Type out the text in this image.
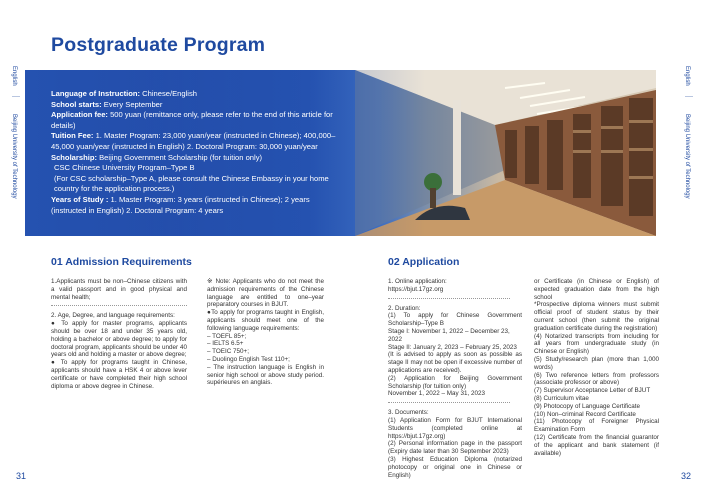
Postgraduate Program
English
Beijing University of Technology
English
Beijing University of Technology
Language of Instruction: Chinese/English
School starts: Every September
Application fee: 500 yuan (remittance only, please refer to the end of this article for details)
Tuition Fee: 1. Master Program: 23,000 yuan/year (instructed in Chinese); 400,000–45,000 yuan/year (instructed in English) 2. Doctoral Program: 30,000 yuan/year
Scholarship: Beijing Government Scholarship (for tuition only)
CSC Chinese University Program–Type B
(For CSC scholarship–Type A, please consult the Chinese Embassy in your home country for the application process.)
Years of Study : 1. Master Program: 3 years (instructed in Chinese); 2 years (instructed in English) 2. Doctoral Program: 4 years
01 Admission Requirements	02 Application

1.Applicants must be non–Chinese citizens with a valid passport and in good physical and mental health;

2. Age, Degree, and language requirements:

● To apply for master programs, applicants should be over 18 and under 35 years old, holding a bachelor or above degree; to apply for doctoral program, applicants should be under 40 years old and holding a master or above degree;

● To apply for programs taught in Chinese, applicants should have a HSK 4 or above lever certificate or have completed their high school diploma or above degree in Chinese.

※ Note: Applicants who do not meet the admission requirements of the Chinese language are entitled to one–year preparatory courses in BJUT.

●To apply for programs taught in English, applicants should meet one of the following language requirements:

– TOEFL 85+;

– IELTS 6.5+

– TOEIC 750+;

– Duolingo English Test 110+;

– The instruction language is English in senior high school or above study period. supérieures en anglais.

1. Online application:

https://bjut.17gz.org

2. Duration:

(1) To apply for Chinese Government Scholarship–Type B

Stage I: November 1, 2022 – December 23, 2022

Stage II: January 2, 2023 – February 25, 2023

(It is advised to apply as soon as possible as stage II may not be open if excessive number of applications are received).

(2) Application for Beijing Government Scholarship (for tuition only)

November 1, 2022 – May 31, 2023

3. Documents:

(1) Application Form for BJUT International Students (completed online at https://bjut.17gz.org)

(2) Personal information page in the passport (Expiry date later than 30 September 2023)

(3) Highest Education Diploma (notarized photocopy or original one in Chinese or English)

or Certificate (in Chinese or English) of expected graduation date from the high school

*Prospective diploma winners must submit official proof of student status by their current school (then submit the original graduation certificate during the registration)

(4) Notarized transcripts from including for all years from undergraduate study (in Chinese or English)

(5) Study/research plan (more than 1,000 words)

(6) Two reference letters from professors (associate professor or above)

(7) Supervisor Acceptance Letter of BJUT

(8) Curriculum vitae

(9) Photocopy of Language Certificate

(10) Non–criminal Record Certificate

(11) Photocopy of Foreigner Physical Examination Form

(12) Certificate from the financial guarantor of the applicant and bank statement (if available)

31	32
